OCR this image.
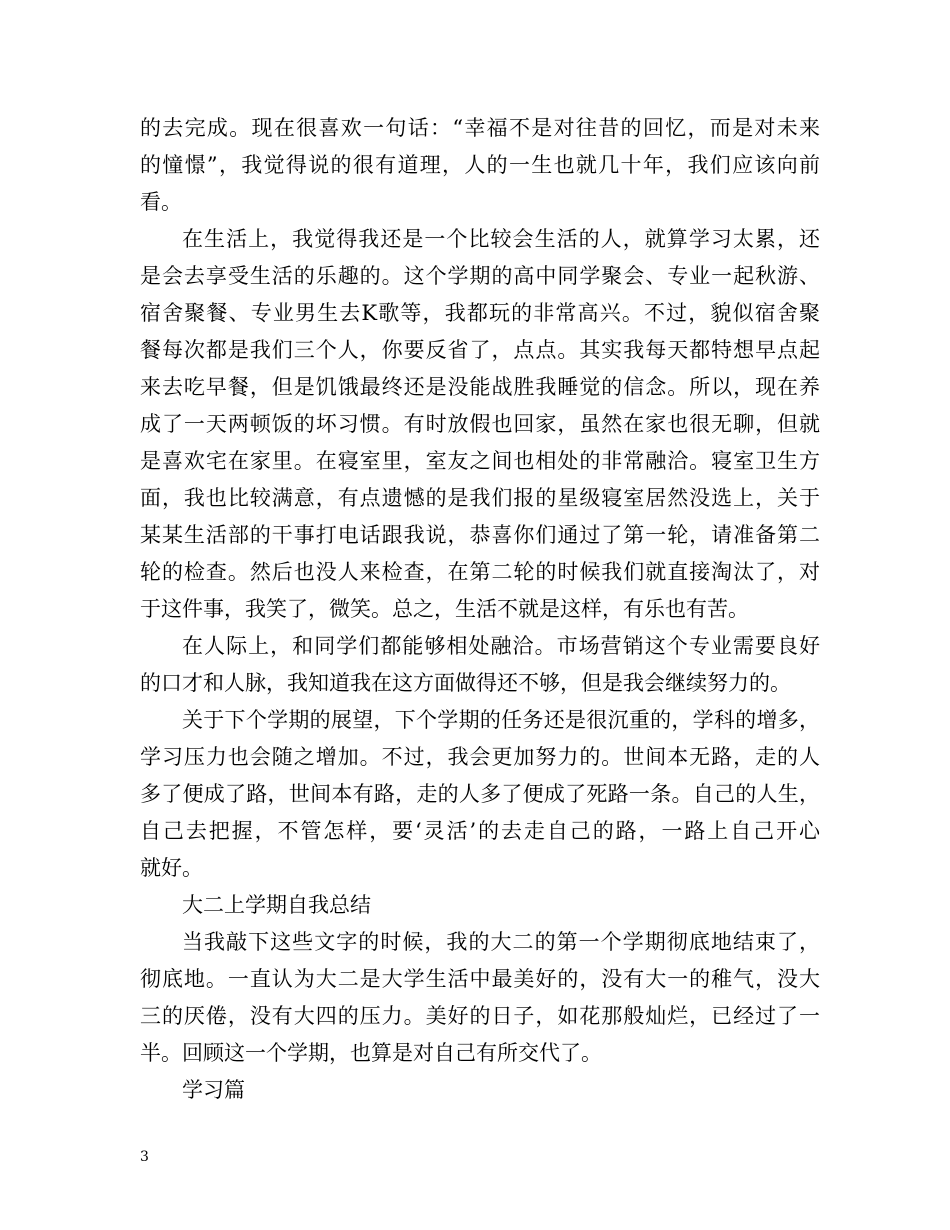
的去完成。现在很喜欢一句话：“幸福不是对往昔的回忆，而是对未来
的憧憬”，我觉得说的很有道理，人的一生也就几十年，我们应该向前
看。
在生活上，我觉得我还是一个比较会生活的人，就算学习太累，还
是会去享受生活的乐趣的。这个学期的高中同学聚会、专业一起秋游、
宿舍聚餐、专业男生去K歌等，我都玩的非常高兴。不过，貌似宿舍聚
餐每次都是我们三个人，你要反省了，点点。其实我每天都特想早点起
来去吃早餐，但是饥饿最终还是没能战胜我睡觉的信念。所以，现在养
成了一天两顿饭的坏习惯。有时放假也回家，虽然在家也很无聊，但就
是喜欢宅在家里。在寝室里，室友之间也相处的非常融洽。寝室卫生方
面，我也比较满意，有点遗憾的是我们报的星级寝室居然没选上，关于
某某生活部的干事打电话跟我说，恭喜你们通过了第一轮，请准备第二
轮的检查。然后也没人来检查，在第二轮的时候我们就直接淘汰了，对
于这件事，我笑了，微笑。总之，生活不就是这样，有乐也有苦。
在人际上，和同学们都能够相处融洽。市场营销这个专业需要良好
的口才和人脉，我知道我在这方面做得还不够，但是我会继续努力的。
关于下个学期的展望，下个学期的任务还是很沉重的，学科的增多，
学习压力也会随之增加。不过，我会更加努力的。世间本无路，走的人
多了便成了路，世间本有路，走的人多了便成了死路一条。自己的人生，
自己去把握，不管怎样，要‘灵活’的去走自己的路，一路上自己开心
就好。
大二上学期自我总结
当我敲下这些文字的时候，我的大二的第一个学期彻底地结束了，
彻底地。一直认为大二是大学生活中最美好的，没有大一的稚气，没大
三的厌倦，没有大四的压力。美好的日子，如花那般灿烂，已经过了一
半。回顾这一个学期，也算是对自己有所交代了。
学习篇
3
